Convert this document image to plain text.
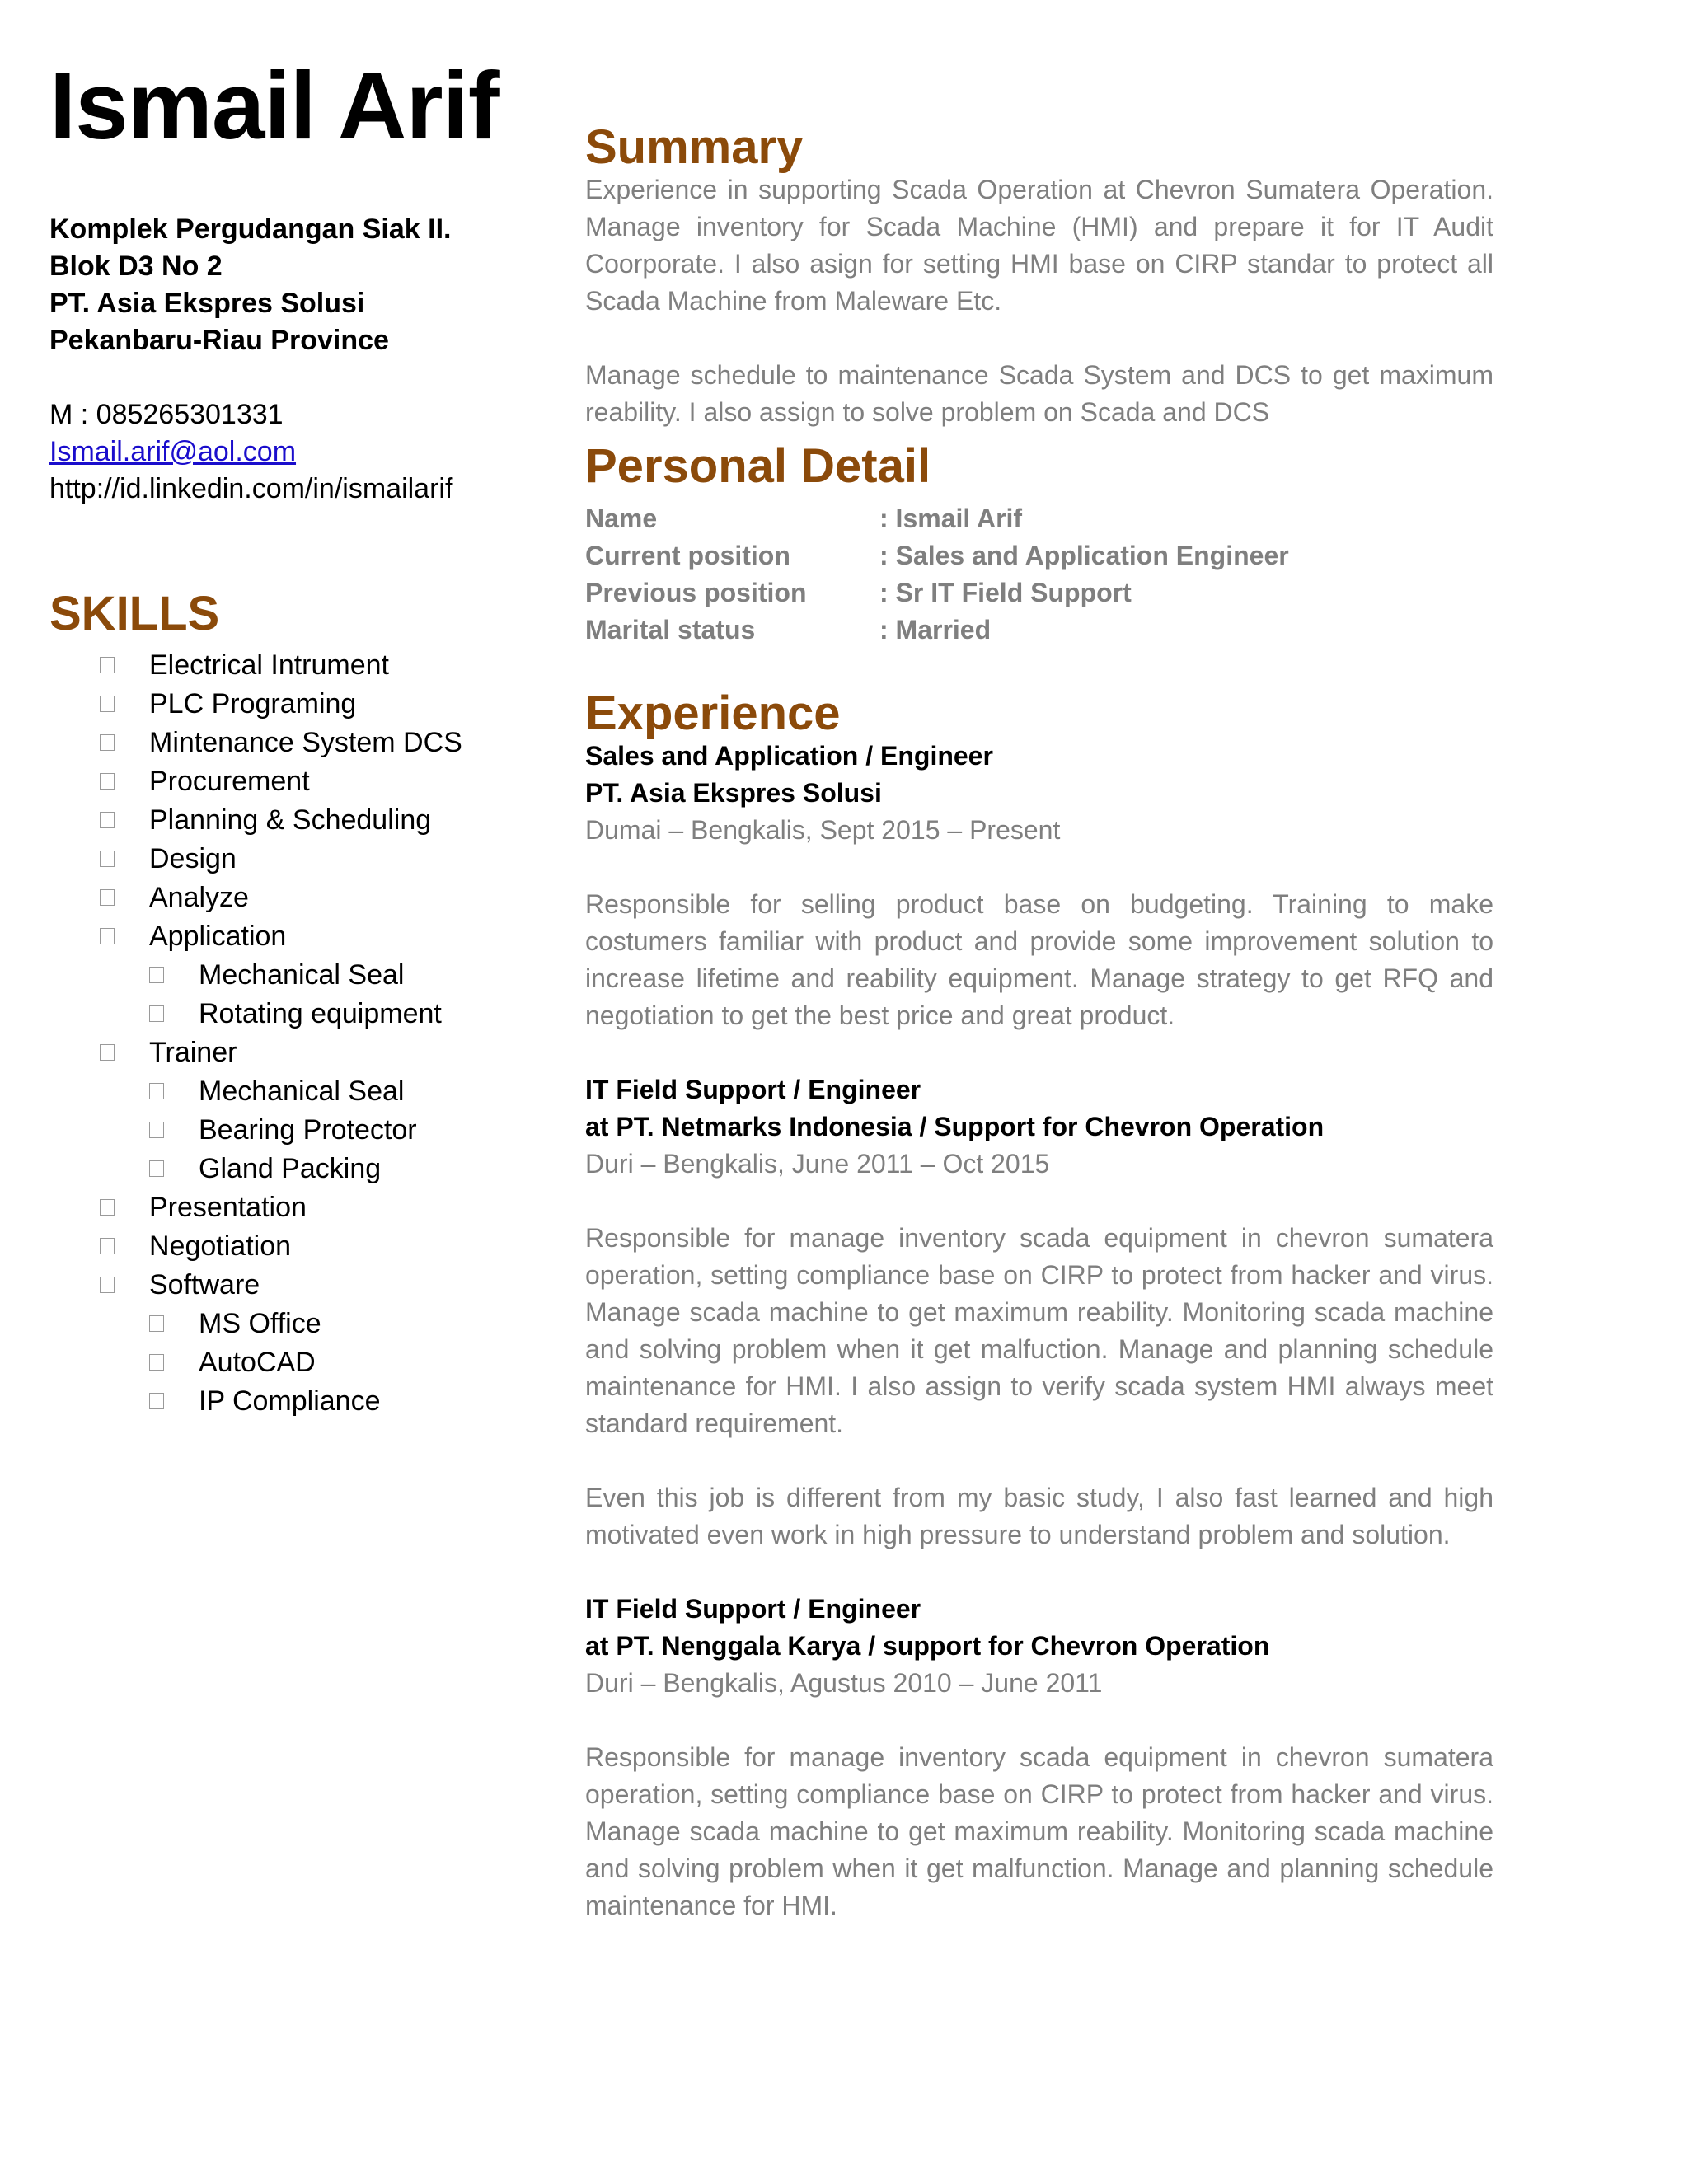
Ismail Arif
Komplek Pergudangan Siak II.
Blok D3 No 2
PT. Asia Ekspres Solusi
Pekanbaru-Riau Province
M : 085265301331
Ismail.arif@aol.com
http://id.linkedin.com/in/ismailarif
SKILLS
Electrical Intrument
PLC Programing
Mintenance System DCS
Procurement
Planning & Scheduling
Design
Analyze
Application
Mechanical Seal
Rotating equipment
Trainer
Mechanical Seal
Bearing Protector
Gland Packing
Presentation
Negotiation
Software
MS Office
AutoCAD
IP Compliance
Summary

Experience in supporting Scada Operation at Chevron Sumatera Operation. Manage inventory for Scada Machine (HMI) and prepare it for IT Audit Coorporate. I also asign for setting HMI base on CIRP standar to protect all Scada Machine from Maleware Etc.

Manage schedule to maintenance Scada System and DCS to get maximum reability. I also assign to solve problem on Scada and DCS

Personal Detail
Name	: Ismail Arif
Current position	: Sales and Application Engineer
Previous position	: Sr IT Field Support
Marital status	: Married
Experience

Sales and Application / Engineer

PT. Asia Ekspres Solusi

Dumai – Bengkalis, Sept 2015 – Present

Responsible for selling product base on budgeting. Training to make costumers familiar with product and provide some improvement solution to increase lifetime and reability equipment. Manage strategy to get RFQ and negotiation to get the best price and great product.

IT Field Support / Engineer

at PT. Netmarks Indonesia / Support for Chevron Operation

Duri – Bengkalis, June 2011 – Oct 2015

Responsible for manage inventory scada equipment in chevron sumatera operation, setting compliance base on CIRP to protect from hacker and virus. Manage scada machine to get maximum reability. Monitoring scada machine and solving problem when it get malfuction. Manage and planning schedule maintenance for HMI. I also assign to verify scada system HMI always meet standard requirement.

Even this job is different from my basic study, I also fast learned and high motivated even work in high pressure to understand problem and solution.

IT Field Support / Engineer

at PT. Nenggala Karya / support for Chevron Operation

Duri – Bengkalis, Agustus 2010 – June 2011

Responsible for manage inventory scada equipment in chevron sumatera operation, setting compliance base on CIRP to protect from hacker and virus. Manage scada machine to get maximum reability. Monitoring scada machine and solving problem when it get malfunction. Manage and planning schedule maintenance for HMI.
